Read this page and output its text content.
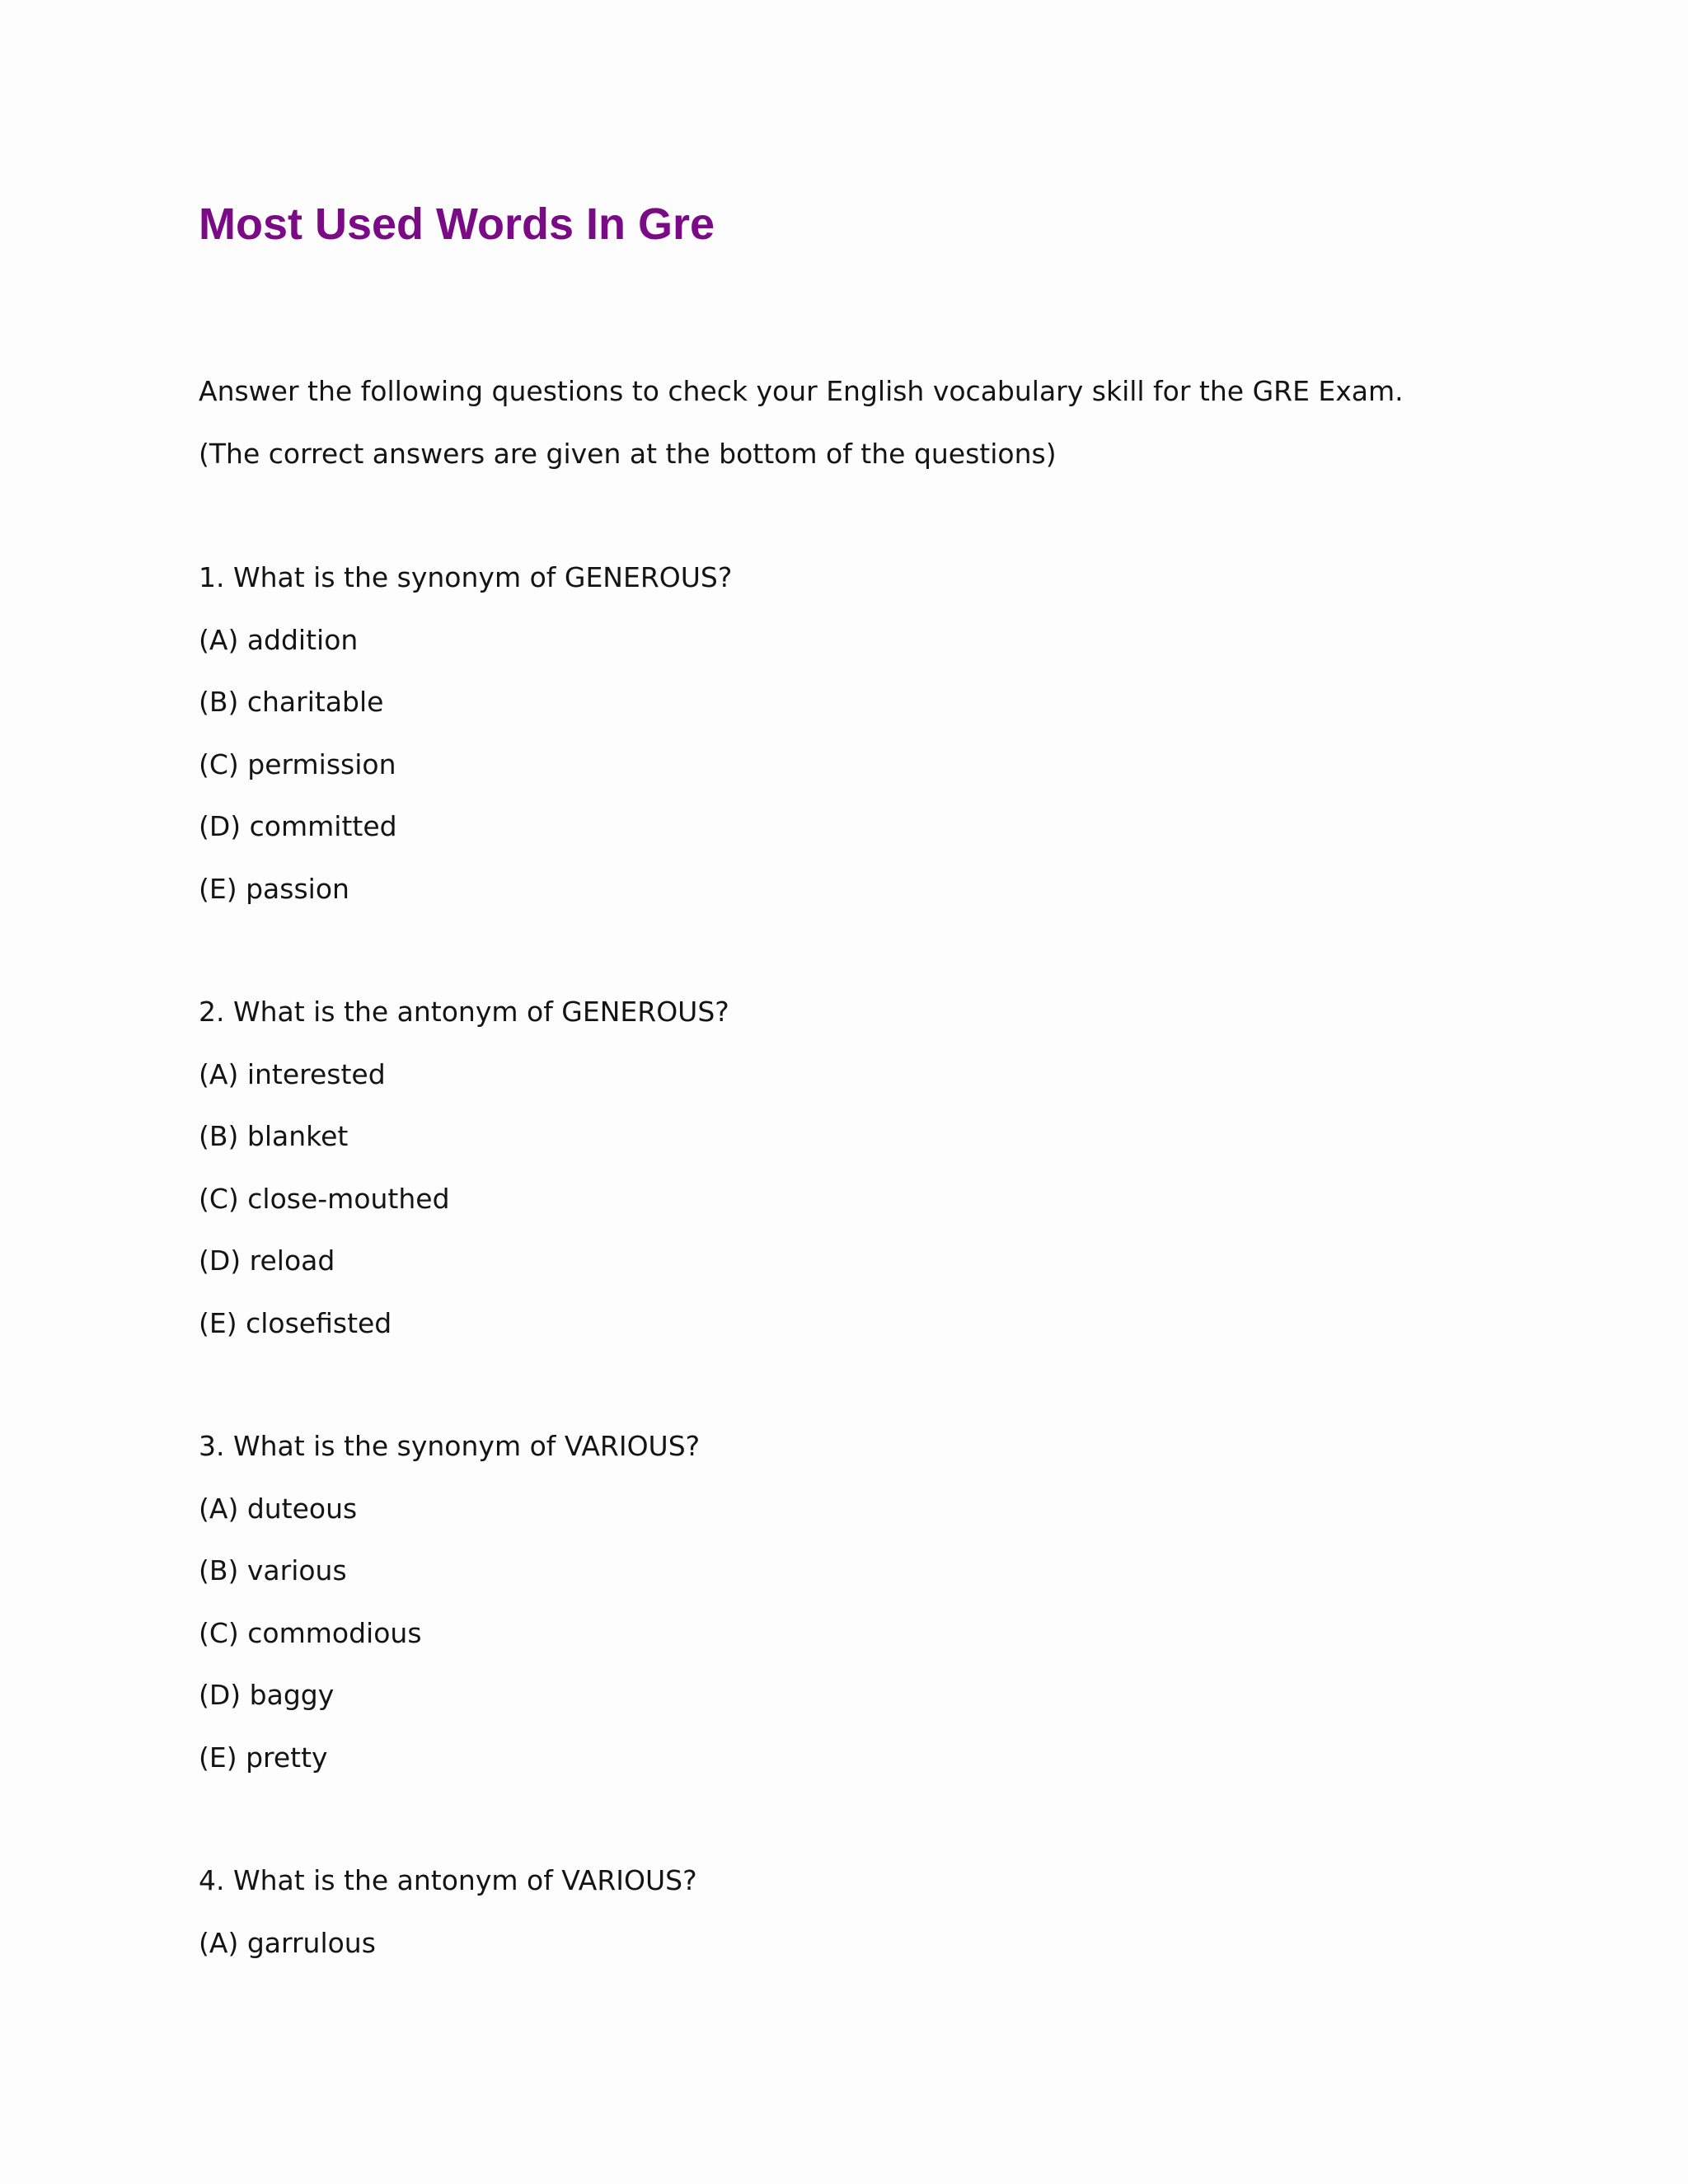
Most Used Words In Gre

Answer the following questions to check your English vocabulary skill for the GRE Exam.

(The correct answers are given at the bottom of the questions)

1. What is the synonym of GENEROUS?

(A) addition

(B) charitable

(C) permission

(D) committed

(E) passion

2. What is the antonym of GENEROUS?

(A) interested

(B) blanket

(C) close-mouthed

(D) reload

(E) closefisted

3. What is the synonym of VARIOUS?

(A) duteous

(B) various

(C) commodious

(D) baggy

(E) pretty

4. What is the antonym of VARIOUS?

(A) garrulous
